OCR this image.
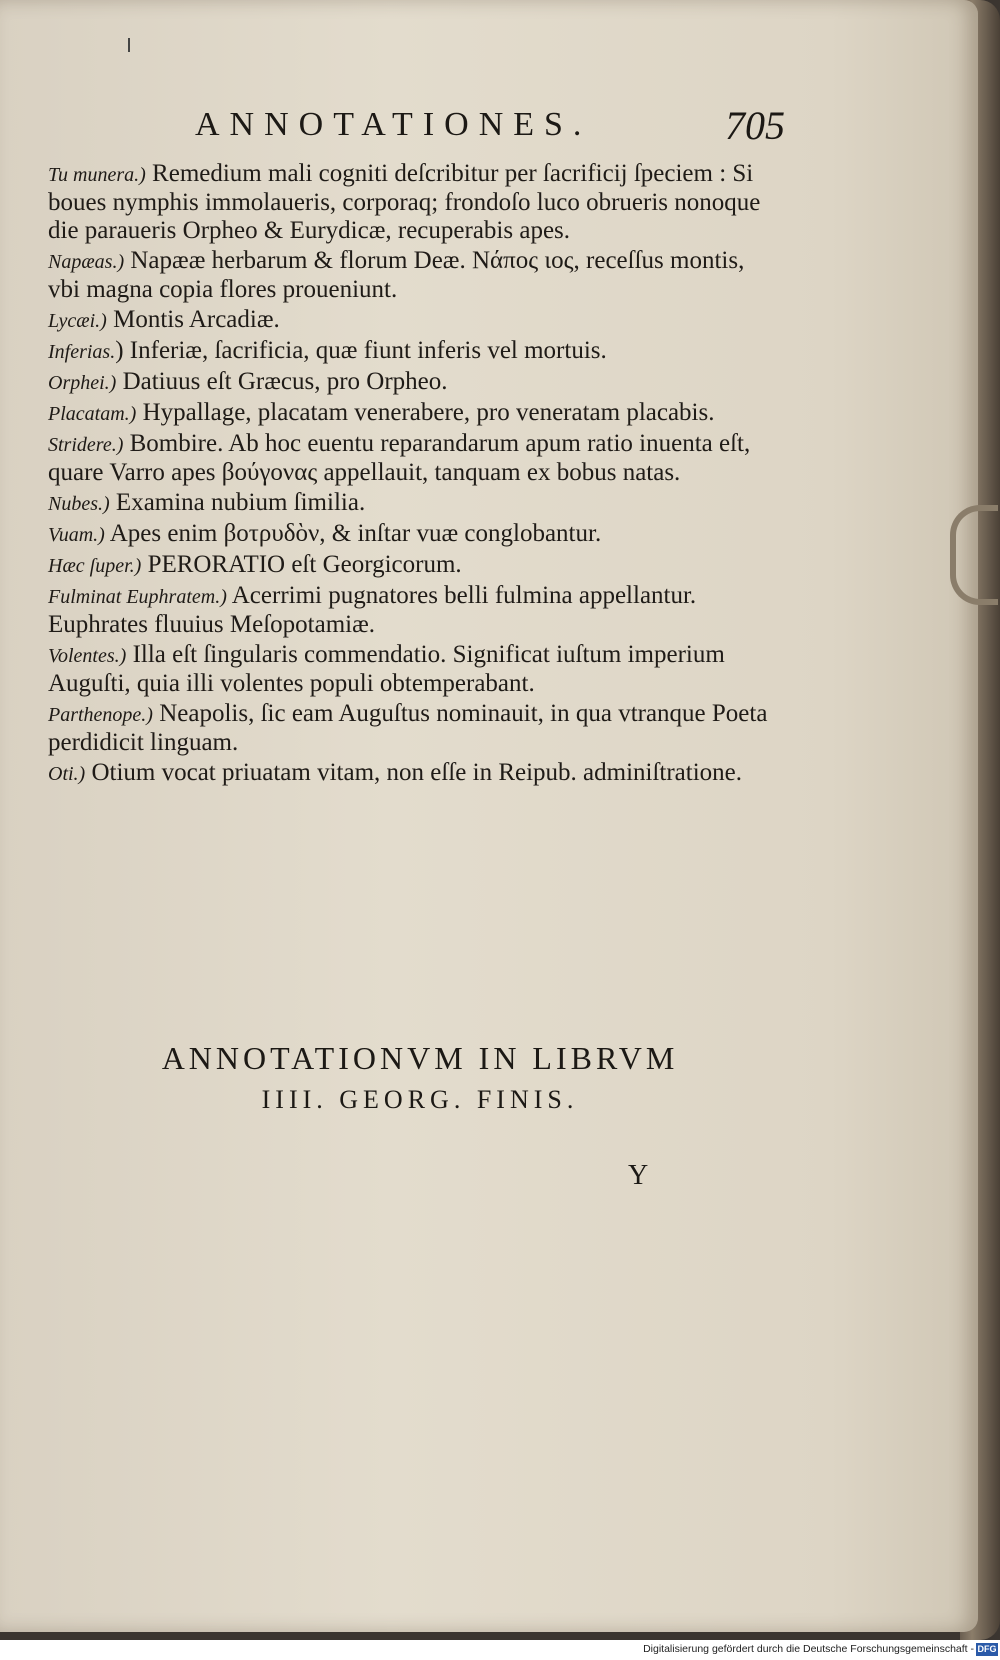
ANNOTATIONES.	705

Tu munera.) Remedium mali cogniti deſcribitur per ſacrificij ſpeciem : Si boues nymphis immolaueris, corporaq; frondoſo luco obrueris nonoque die paraueris Orpheo & Eurydicæ, recuperabis apes.

Napæas.) Napææ herbarum & florum Deæ. Νάπος ιος, receſſus montis, vbi magna copia flores proueniunt.

Lycæi.) Montis Arcadiæ.

Inferias.) Inferiæ, ſacrificia, quæ fiunt inferis vel mortuis.

Orphei.) Datiuus eſt Græcus, pro Orpheo.

Placatam.) Hypallage, placatam venerabere, pro veneratam placabis.

Stridere.) Bombire. Ab hoc euentu reparandarum apum ratio inuenta eſt, quare Varro apes βούγονας appellauit, tanquam ex bobus natas.

Nubes.) Examina nubium ſimilia.

Vuam.) Apes enim βοτρυδὸν, & inſtar vuæ conglobantur.

Hæc ſuper.) PERORATIO eſt Georgicorum.

Fulminat Euphratem.) Acerrimi pugnatores belli fulmina appellantur. Euphrates fluuius Meſopotamiæ.

Volentes.) Illa eſt ſingularis commendatio. Significat iuſtum imperium Auguſti, quia illi volentes populi obtemperabant.

Parthenope.) Neapolis, ſic eam Auguſtus nominauit, in qua vtranque Poeta perdidicit linguam.

Oti.) Otium vocat priuatam vitam, non eſſe in Reipub. adminiſtratione.

ANNOTATIONVM IN LIBRVM
IIII. GEORG. FINIS.
Y
Digitalisierung gefördert durch die Deutsche Forschungsgemeinschaft - DFG
